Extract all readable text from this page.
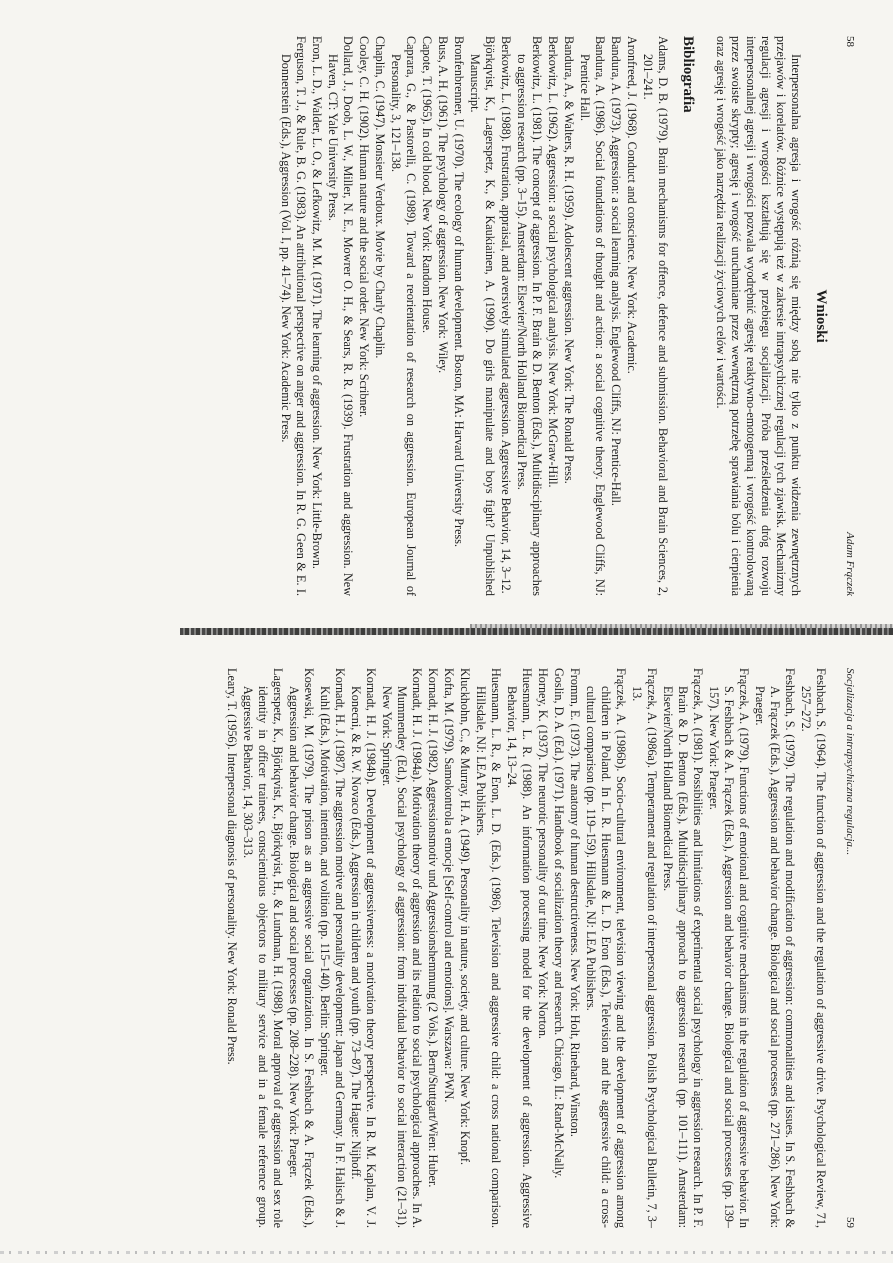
58
Adam Frączek
Wnioski

Interpersonalna agresja i wrogość różnią się między sobą nie tylko z punktu widzenia zewnętrznych przejawów i korelatów. Różnice występują też w zakresie intrapsychicznej regulacji tych zjawisk. Mechanizmy regulacji agresji i wrogości kształtują się w przebiegu socjalizacji. Próba prześledzenia dróg rozwoju interpersonalnej agresji i wrogości pozwala wyodrębnić agresję reaktywno-emotogenną i wrogość kontrolowaną przez swoiste skrypty; agresję i wrogość uruchamiane przez wewnętrzną potrzebę sprawiania bólu i cierpienia oraz agresję i wrogość jako narzędzia realizacji życiowych celów i wartości.

Bibliografia

Adams, D. B. (1979). Brain mechanisms for offence, defence and submission. Behavioral and Brain Sciences, 2, 201–241.

Aronfreed, J. (1968). Conduct and conscience. New York: Academic.

Bandura, A. (1973). Aggression: a social learning analysis. Englewood Cliffs, NJ: Prentice-Hall.

Bandura, A. (1986). Social foundations of thought and action: a social cognitive theory. Englewood Cliffs, NJ: Prentice Hall.

Bandura, A., & Walters, R. H. (1959). Adolescent aggression. New York: The Ronald Press.

Berkowitz, L. (1962). Aggression: a social psychological analysis. New York: McGraw-Hill.

Berkowitz, L. (1981). The concept of aggression. In P. F. Brain & D. Benton (Eds.), Multidisciplinary approaches to aggression research (pp. 3–15). Amsterdam: Elsevier/North Holland Biomedical Press.

Berkowitz, L. (1988). Frustration, appraisal, and aversively stimulated aggression. Aggressive Behavior, 14, 3–12.

Björkqvist, K., Lagerspetz, K., & Kaukiainen, A. (1990). Do girls manipulate and boys fight? Unpublished Manuscript.

Bronfenbrenner, U. (1970). The ecology of human development. Boston, MA: Harvard University Press.

Buss, A. H. (1961). The psychology of aggression. New York: Wiley.

Capote, T. (1965). In cold blood. New York: Random House.

Caprara, G., & Pastorelli, C. (1989). Toward a reorientation of research on aggression. European Journal of Personality, 3, 121–138.

Chaplin, C. (1947). Monsieur Verdoux. Movie by Charly Chaplin.

Cooley, C. H. (1902). Human nature and the social order. New York: Scribner.

Dollard, J., Doob, L. W., Miller, N. E., Mowrer O. H., & Sears, R. R. (1939). Frustration and aggression. New Haven, CT: Yale University Press.

Eron, L. D., Walder, L. O., & Lefkowitz, M. M. (1971). The learning of aggression. New York: Little-Brown.

Ferguson, T. J., & Rule, B. G. (1983). An attributional perspective on anger and aggression. In R. G. Geen & E. I. Donnerstein (Eds.), Aggression (Vol. I, pp. 41–74). New York: Academic Press.

Socjalizacja a intrapsychiczna regulacja...
59

Feshbach, S. (1964). The function of aggression and the regulation of aggressive drive. Psychological Review, 71, 257–272.

Feshbach, S. (1979). The regulation and modification of aggression: commonalities and issues. In S. Feshbach & A. Frączek (Eds.), Aggression and behavior change. Biological and social processes (pp. 271–286). New York: Praeger.

Frączek, A. (1979). Functions of emotional and cognitive mechanisms in the regulation of aggressive behavior. In S. Feshbach & A. Frączek (Eds.), Aggression and behavior change. Biological and social processes (pp. 139–157). New York: Praeger.

Frączek, A. (1981). Possibilities and limitations of experimental social psychology in aggression research. In P. F. Brain & D. Benton (Eds.), Multidisciplinary approach to aggression research (pp. 101–111). Amsterdam: Elsevier/North Holland Biomedical Press.

Frączek, A. (1986a). Temperament and regulation of interpersonal aggression. Polish Psychological Bulletin, 7, 3–13.

Frączek, A. (1986b). Socio-cultural environment, television viewing and the development of aggression among children in Poland. In L. R. Huesmann & L. D. Eron (Eds.), Television and the aggressive child: a cross-cultural comparison (pp. 119–159). Hillsdale, NJ: LEA Publishers.

Fromm, E. (1973). The anatomy of human destructiveness. New York: Holt, Rinehard, Winston.

Goslin, D. A. (Ed.). (1971). Handbook of socialization theory and research. Chicago, IL: Rand-McNally.

Horney, K. (1937). The neurotic personality of our time. New York: Norton.

Huesmann, L. R. (1988). An information processing model for the development of aggression. Aggressive Behavior, 14, 13–24.

Huesmann, L. R., & Eron, L. D. (Eds.). (1986). Television and aggressive child: a cross national comparison. Hillsdale, NJ: LEA Publishers.

Kluckhohn, C., & Murray, H. A. (1949). Personality in nature, society, and culture. New York: Knopf.

Kofta, M. (1979). Samokontrola a emocje [Self-control and emotions]. Warszawa: PWN.

Kornadt, H. J. (1982). Aggressionsmotiv und Aggressionshemmung (2 Vols.). Bern/Stuttgart/Wien: Huber.

Kornadt, H. J. (1984a). Motivation theory of aggression and its relation to social psychological approaches. In A. Mummendey (Ed.), Social psychology of aggression: from individual behavior to social interaction (21–31). New York: Springer.

Kornadt, H. J. (1984b). Development of aggressiveness: a motivation theory perspective. In R. M. Kaplan, V. J. Konecni, & R. W. Novaco (Eds.), Aggression in children and youth (pp. 73–87). The Hague: Nijhoff.

Kornadt, H. J. (1987). The aggression motive and personality development: Japan and Germany. In F. Halisch & J. Kuhl (Eds.), Motivation, intention, and volition (pp. 115–140). Berlin: Springer.

Kosewski, M. (1979). The prison as an aggressive social organization. In S. Feshbach & A. Frączek (Eds.), Aggression and behavior change. Biological and social processes (pp. 208–228). New York: Praeger.

Lagerspetz, K., Björkqvist, K., Björkqvist, H., & Lundman, H. (1988). Moral approval of aggression and sex role identity in officer trainees, conscientious objectors to military service and in a female reference group. Aggressive Behavior, 14, 303–313.

Leary, T. (1956). Interpersonal diagnosis of personality. New York: Ronald Press.
